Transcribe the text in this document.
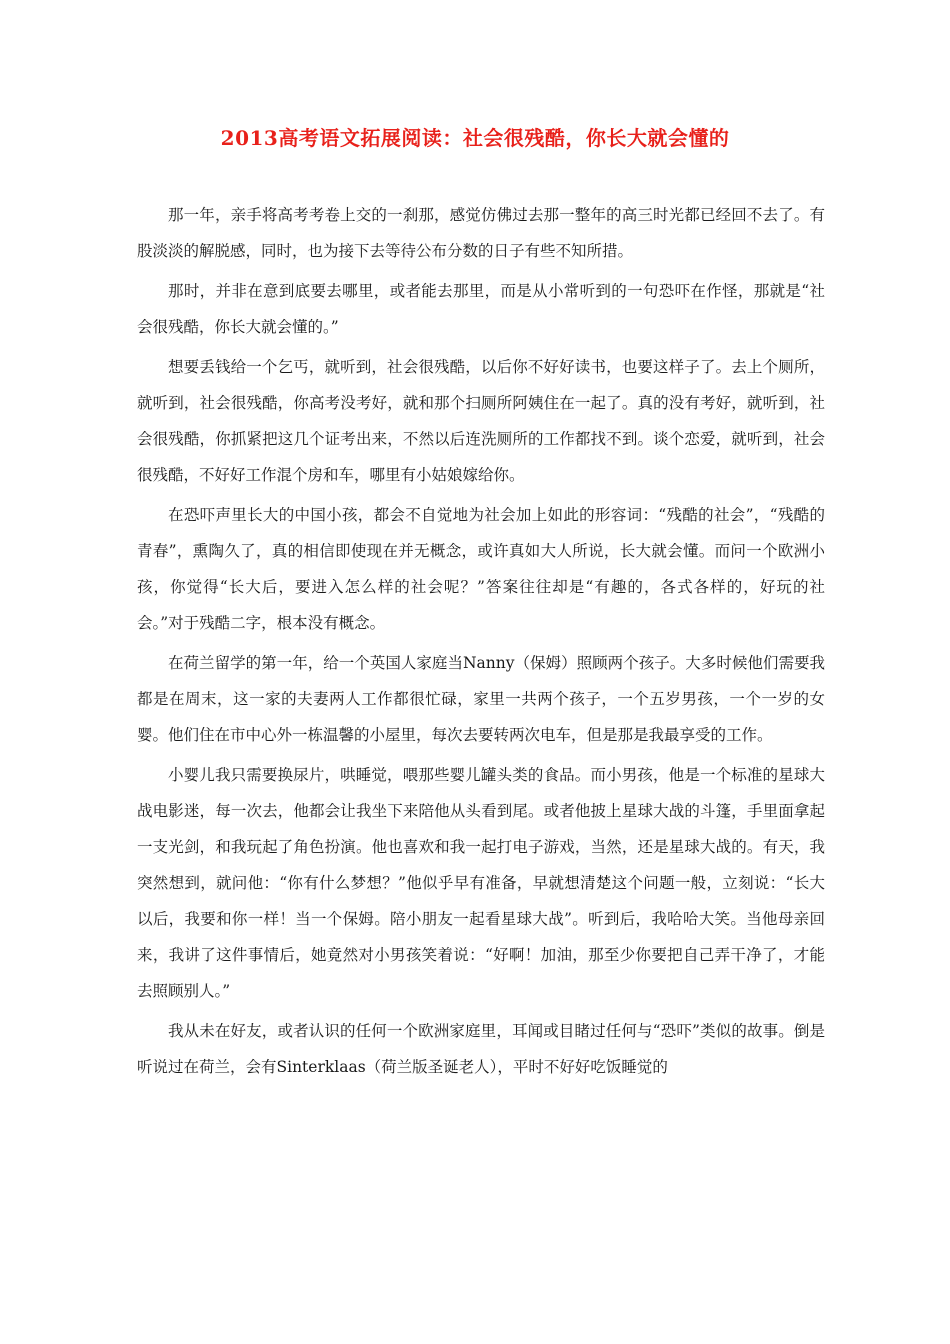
2013高考语文拓展阅读：社会很残酷，你长大就会懂的

那一年，亲手将高考考卷上交的一刹那，感觉仿佛过去那一整年的高三时光都已经回不去了。有股淡淡的解脱感，同时，也为接下去等待公布分数的日子有些不知所措。

那时，并非在意到底要去哪里，或者能去那里，而是从小常听到的一句恐吓在作怪，那就是“社会很残酷，你长大就会懂的。”

想要丢钱给一个乞丐，就听到，社会很残酷，以后你不好好读书，也要这样子了。去上个厕所，就听到，社会很残酷，你高考没考好，就和那个扫厕所阿姨住在一起了。真的没有考好，就听到，社会很残酷，你抓紧把这几个证考出来，不然以后连洗厕所的工作都找不到。谈个恋爱，就听到，社会很残酷，不好好工作混个房和车，哪里有小姑娘嫁给你。

在恐吓声里长大的中国小孩，都会不自觉地为社会加上如此的形容词：“残酷的社会”，“残酷的青春”，熏陶久了，真的相信即使现在并无概念，或许真如大人所说，长大就会懂。而问一个欧洲小孩，你觉得“长大后，要进入怎么样的社会呢？”答案往往却是“有趣的，各式各样的，好玩的社会。”对于残酷二字，根本没有概念。

在荷兰留学的第一年，给一个英国人家庭当Nanny（保姆）照顾两个孩子。大多时候他们需要我都是在周末，这一家的夫妻两人工作都很忙碌，家里一共两个孩子，一个五岁男孩，一个一岁的女婴。他们住在市中心外一栋温馨的小屋里，每次去要转两次电车，但是那是我最享受的工作。

小婴儿我只需要换尿片，哄睡觉，喂那些婴儿罐头类的食品。而小男孩，他是一个标准的星球大战电影迷，每一次去，他都会让我坐下来陪他从头看到尾。或者他披上星球大战的斗篷，手里面拿起一支光剑，和我玩起了角色扮演。他也喜欢和我一起打电子游戏，当然，还是星球大战的。有天，我突然想到，就问他：“你有什么梦想？”他似乎早有准备，早就想清楚这个问题一般，立刻说：“长大以后，我要和你一样！当一个保姆。陪小朋友一起看星球大战”。听到后，我哈哈大笑。当他母亲回来，我讲了这件事情后，她竟然对小男孩笑着说：“好啊！加油，那至少你要把自己弄干净了，才能去照顾别人。”

我从未在好友，或者认识的任何一个欧洲家庭里，耳闻或目睹过任何与“恐吓”类似的故事。倒是听说过在荷兰，会有Sinterklaas（荷兰版圣诞老人），平时不好好吃饭睡觉的
